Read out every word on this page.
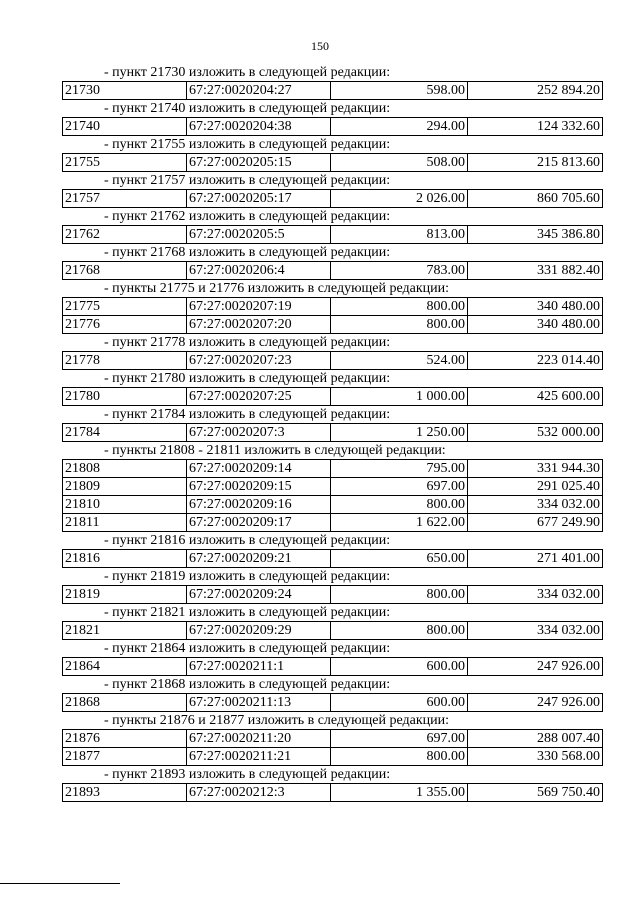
150
- пункт 21730 изложить в следующей редакции:
21730	67:27:0020204:27	598.00	252 894.20
- пункт 21740 изложить в следующей редакции:
21740	67:27:0020204:38	294.00	124 332.60
- пункт 21755 изложить в следующей редакции:
21755	67:27:0020205:15	508.00	215 813.60
- пункт 21757 изложить в следующей редакции:
21757	67:27:0020205:17	2 026.00	860 705.60
- пункт 21762 изложить в следующей редакции:
21762	67:27:0020205:5	813.00	345 386.80
- пункт 21768 изложить в следующей редакции:
21768	67:27:0020206:4	783.00	331 882.40
- пункты 21775 и 21776 изложить в следующей редакции:
21775	67:27:0020207:19	800.00	340 480.00
21776	67:27:0020207:20	800.00	340 480.00
- пункт 21778 изложить в следующей редакции:
21778	67:27:0020207:23	524.00	223 014.40
- пункт 21780 изложить в следующей редакции:
21780	67:27:0020207:25	1 000.00	425 600.00
- пункт 21784 изложить в следующей редакции:
21784	67:27:0020207:3	1 250.00	532 000.00
- пункты 21808 - 21811 изложить в следующей редакции:
21808	67:27:0020209:14	795.00	331 944.30
21809	67:27:0020209:15	697.00	291 025.40
21810	67:27:0020209:16	800.00	334 032.00
21811	67:27:0020209:17	1 622.00	677 249.90
- пункт 21816 изложить в следующей редакции:
21816	67:27:0020209:21	650.00	271 401.00
- пункт 21819 изложить в следующей редакции:
21819	67:27:0020209:24	800.00	334 032.00
- пункт 21821 изложить в следующей редакции:
21821	67:27:0020209:29	800.00	334 032.00
- пункт 21864 изложить в следующей редакции:
21864	67:27:0020211:1	600.00	247 926.00
- пункт 21868 изложить в следующей редакции:
21868	67:27:0020211:13	600.00	247 926.00
- пункты 21876 и 21877 изложить в следующей редакции:
21876	67:27:0020211:20	697.00	288 007.40
21877	67:27:0020211:21	800.00	330 568.00
- пункт 21893 изложить в следующей редакции:
21893	67:27:0020212:3	1 355.00	569 750.40
